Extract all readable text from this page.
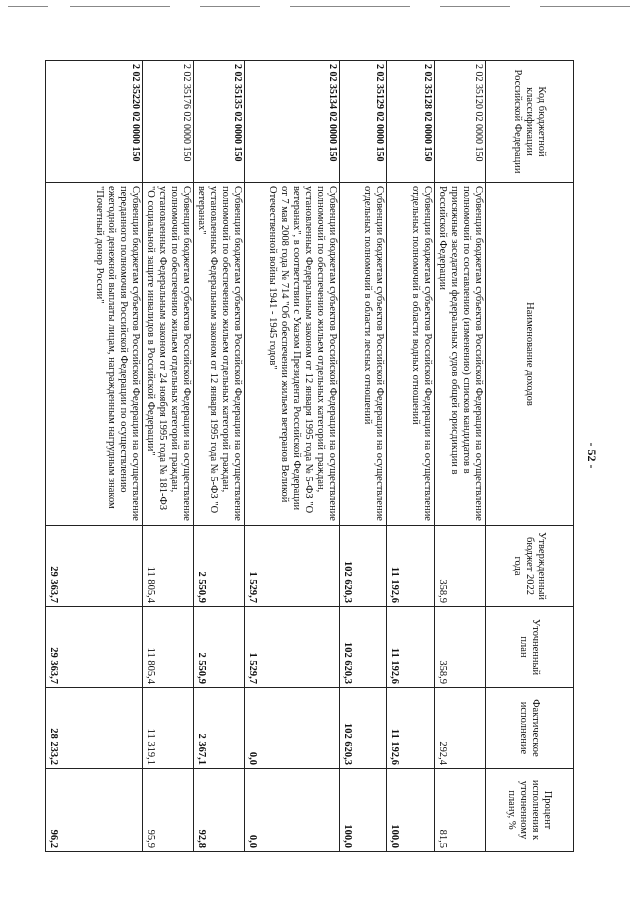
- 52 -
Код бюджетной классификации Российской Федерации	Наименование доходов	Утвержденный бюджет 2022 года	Уточненный план	Фактическое исполнение	Процент исполнения к уточненному плану, %
2 02 35120 02 0000 150	Субвенции бюджетам субъектов Российской Федерации на осуществление полномочий по составлению (изменению) списков кандидатов в присяжные заседатели федеральных судов общей юрисдикции в Российской Федерации	358,9	358,9	292,4	81,5
2 02 35128 02 0000 150	Субвенции бюджетам субъектов Российской Федерации на осуществление отдельных полномочий в области водных отношений	11 192,6	11 192,6	11 192,6	100,0
2 02 35129 02 0000 150	Субвенции бюджетам субъектов Российской Федерации на осуществление отдельных полномочий в области лесных отношений	102 620,3	102 620,3	102 620,3	100,0
2 02 35134 02 0000 150	Субвенции бюджетам субъектов Российской Федерации на осуществление полномочий по обеспечению жильем отдельных категорий граждан, установленных Федеральным законом от 12 января 1995 года № 5-ФЗ "О ветеранах", в соответствии с Указом Президента Российской Федерации от 7 мая 2008 года № 714 "Об обеспечении жильем ветеранов Великой Отечественной войны 1941 - 1945 годов"	1 529,7	1 529,7	0,0	0,0
2 02 35135 02 0000 150	Субвенции бюджетам субъектов Российской Федерации на осуществление полномочий по обеспечению жильем отдельных категорий граждан, установленных Федеральным законом от 12 января 1995 года № 5-ФЗ "О ветеранах"	2 550,9	2 550,9	2 367,1	92,8
2 02 35176 02 0000 150	Субвенции бюджетам субъектов Российской Федерации на осуществление полномочий по обеспечению жильем отдельных категорий граждан, установленных Федеральным законом от 24 ноября 1995 года № 181-ФЗ "О социальной защите инвалидов в Российской Федерации"	11 805,4	11 805,4	11 319,1	95,9
2 02 35220 02 0000 150	Субвенции бюджетам субъектов Российской Федерации на осуществление переданного полномочия Российской Федерации по осуществлению ежегодной денежной выплаты лицам, награжденным нагрудным знаком "Почетный донор России"	29 363,7	29 363,7	28 233,2	96,2
